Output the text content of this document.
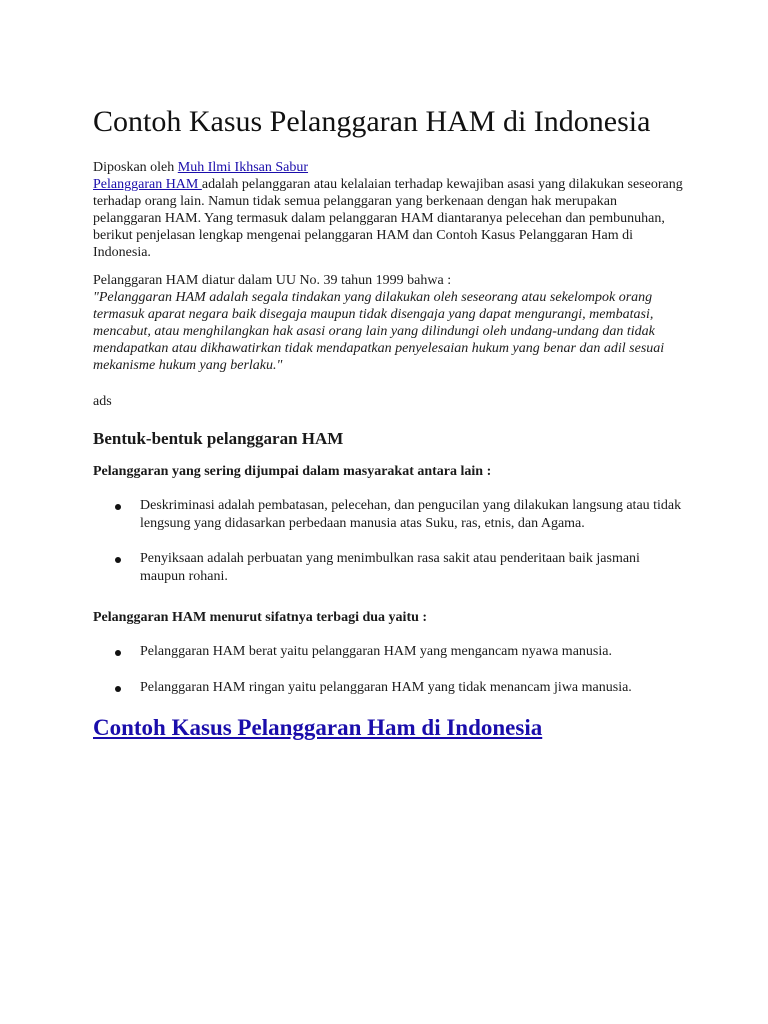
Contoh Kasus Pelanggaran HAM di Indonesia
Diposkan oleh Muh Ilmi Ikhsan Sabur

Pelanggaran HAM adalah pelanggaran atau kelalaian terhadap kewajiban asasi yang dilakukan seseorang terhadap orang lain. Namun tidak semua pelanggaran yang berkenaan dengan hak merupakan pelanggaran HAM. Yang termasuk dalam pelanggaran HAM diantaranya pelecehan dan pembunuhan, berikut penjelasan lengkap mengenai pelanggaran HAM dan Contoh Kasus Pelanggaran Ham di Indonesia.

Pelanggaran HAM diatur dalam UU No. 39 tahun 1999 bahwa :

"Pelanggaran HAM adalah segala tindakan yang dilakukan oleh seseorang atau sekelompok orang termasuk aparat negara baik disegaja maupun tidak disengaja yang dapat mengurangi, membatasi, mencabut, atau menghilangkan hak asasi orang lain yang dilindungi oleh undang-undang dan tidak mendapatkan atau dikhawatirkan tidak mendapatkan penyelesaian hukum yang benar dan adil sesuai mekanisme hukum yang berlaku."

ads
Bentuk-bentuk pelanggaran HAM
Pelanggaran yang sering dijumpai dalam masyarakat antara lain :
Deskriminasi adalah pembatasan, pelecehan, dan pengucilan yang dilakukan langsung atau tidak lengsung yang didasarkan perbedaan manusia atas Suku, ras, etnis, dan Agama.
Penyiksaan adalah perbuatan yang menimbulkan rasa sakit atau penderitaan baik jasmani maupun rohani.
Pelanggaran HAM menurut sifatnya terbagi dua yaitu :
Pelanggaran HAM berat yaitu pelanggaran HAM yang mengancam nyawa manusia.
Pelanggaran HAM ringan yaitu pelanggaran HAM yang tidak menancam jiwa manusia.
Contoh Kasus Pelanggaran Ham di Indonesia
